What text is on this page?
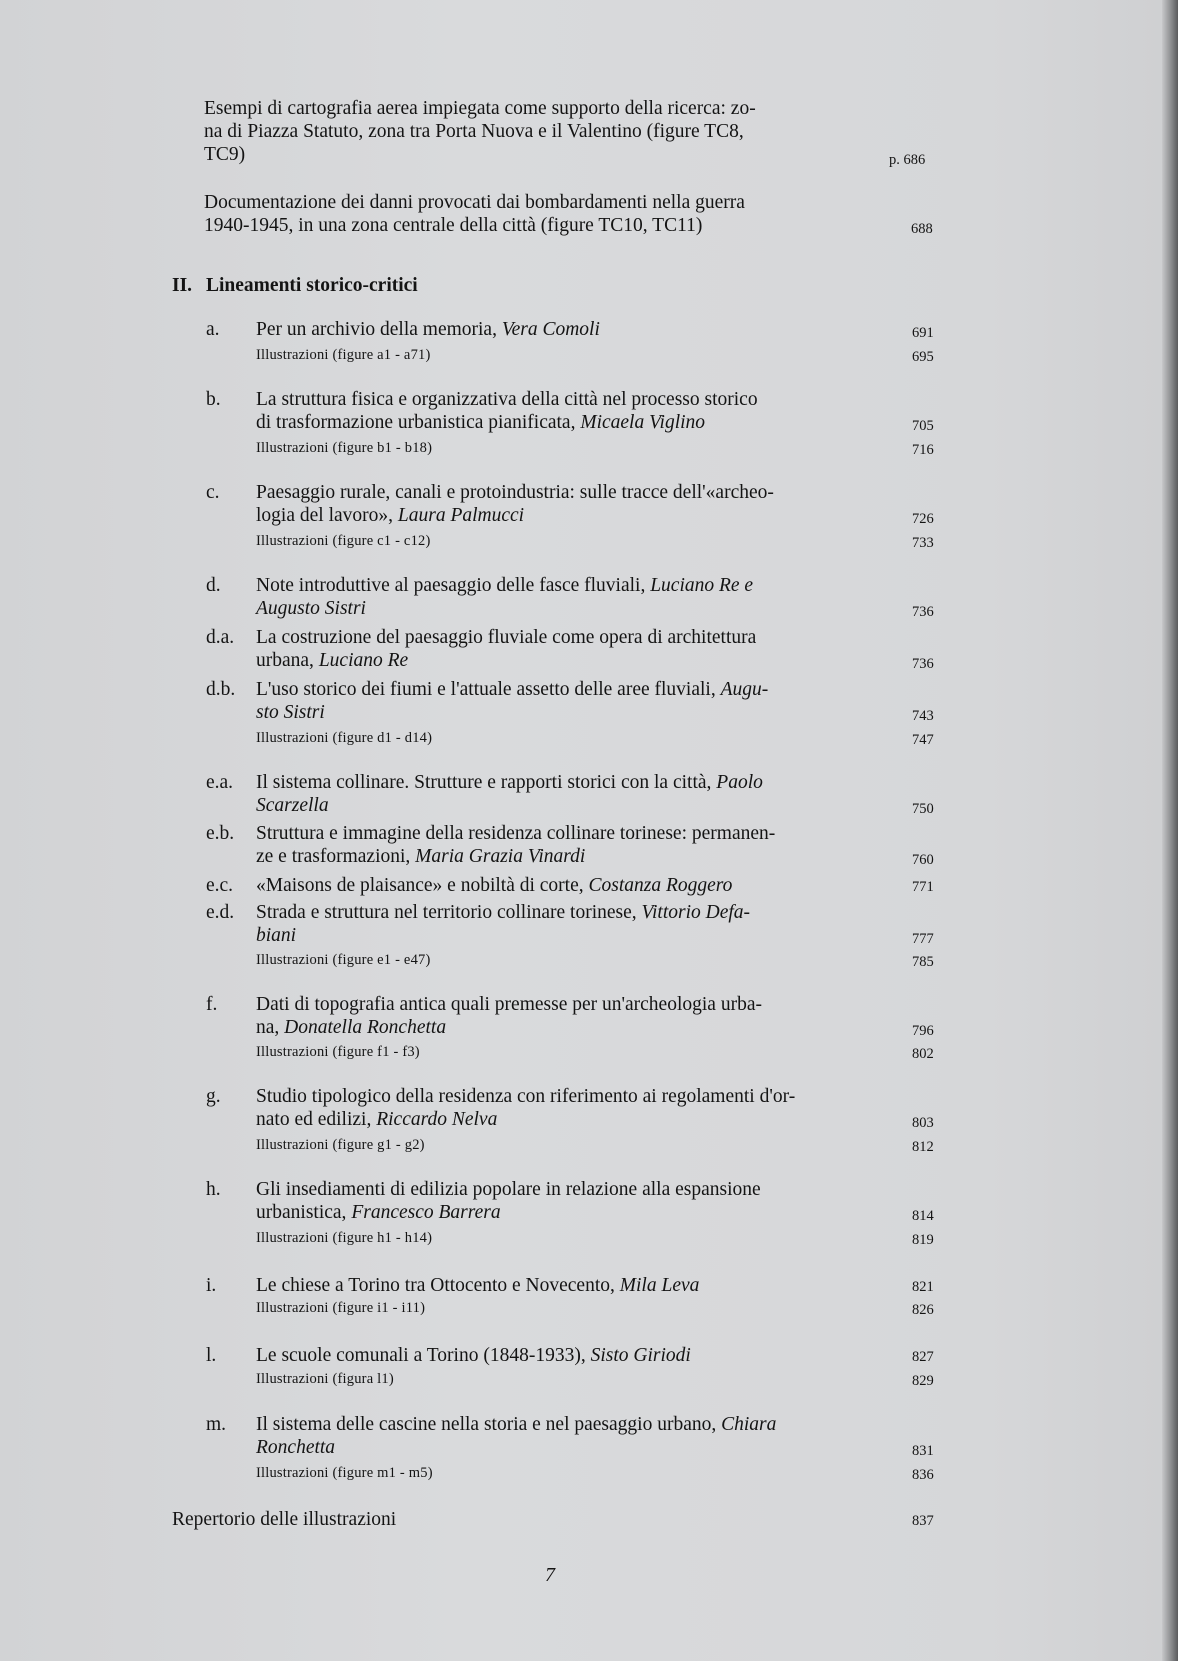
Esempi di cartografia aerea impiegata come supporto della ricerca: zo-
na di Piazza Statuto, zona tra Porta Nuova e il Valentino (figure TC8,
TC9)	p. 686
Documentazione dei danni provocati dai bombardamenti nella guerra
1940-1945, in una zona centrale della città (figure TC10, TC11)	688
II. Lineamenti storico-critici
a. Per un archivio della memoria, Vera Comoli	691
Illustrazioni (figure a1 - a71)	695
b. La struttura fisica e organizzativa della città nel processo storico
di trasformazione urbanistica pianificata, Micaela Viglino	705
Illustrazioni (figure b1 - b18)	716
c. Paesaggio rurale, canali e protoindustria: sulle tracce dell'«archeo-
logia del lavoro», Laura Palmucci	726
Illustrazioni (figure c1 - c12)	733
d. Note introduttive al paesaggio delle fasce fluviali, Luciano Re e
Augusto Sistri	736
d.a. La costruzione del paesaggio fluviale come opera di architettura
urbana, Luciano Re	736
d.b. L'uso storico dei fiumi e l'attuale assetto delle aree fluviali, Augu-
sto Sistri	743
Illustrazioni (figure d1 - d14)	747
e.a. Il sistema collinare. Strutture e rapporti storici con la città, Paolo
Scarzella	750
e.b. Struttura e immagine della residenza collinare torinese: permanen-
ze e trasformazioni, Maria Grazia Vinardi	760
e.c. «Maisons de plaisance» e nobiltà di corte, Costanza Roggero	771
e.d. Strada e struttura nel territorio collinare torinese, Vittorio Defa-
biani	777
Illustrazioni (figure e1 - e47)	785
f. Dati di topografia antica quali premesse per un'archeologia urba-
na, Donatella Ronchetta	796
Illustrazioni (figure f1 - f3)	802
g. Studio tipologico della residenza con riferimento ai regolamenti d'or-
nato ed edilizi, Riccardo Nelva	803
Illustrazioni (figure g1 - g2)	812
h. Gli insediamenti di edilizia popolare in relazione alla espansione
urbanistica, Francesco Barrera	814
Illustrazioni (figure h1 - h14)	819
i. Le chiese a Torino tra Ottocento e Novecento, Mila Leva	821
Illustrazioni (figure i1 - i11)	826
l. Le scuole comunali a Torino (1848-1933), Sisto Giriodi	827
Illustrazioni (figura l1)	829
m. Il sistema delle cascine nella storia e nel paesaggio urbano, Chiara
Ronchetta	831
Illustrazioni (figure m1 - m5)	836
Repertorio delle illustrazioni	837
7
